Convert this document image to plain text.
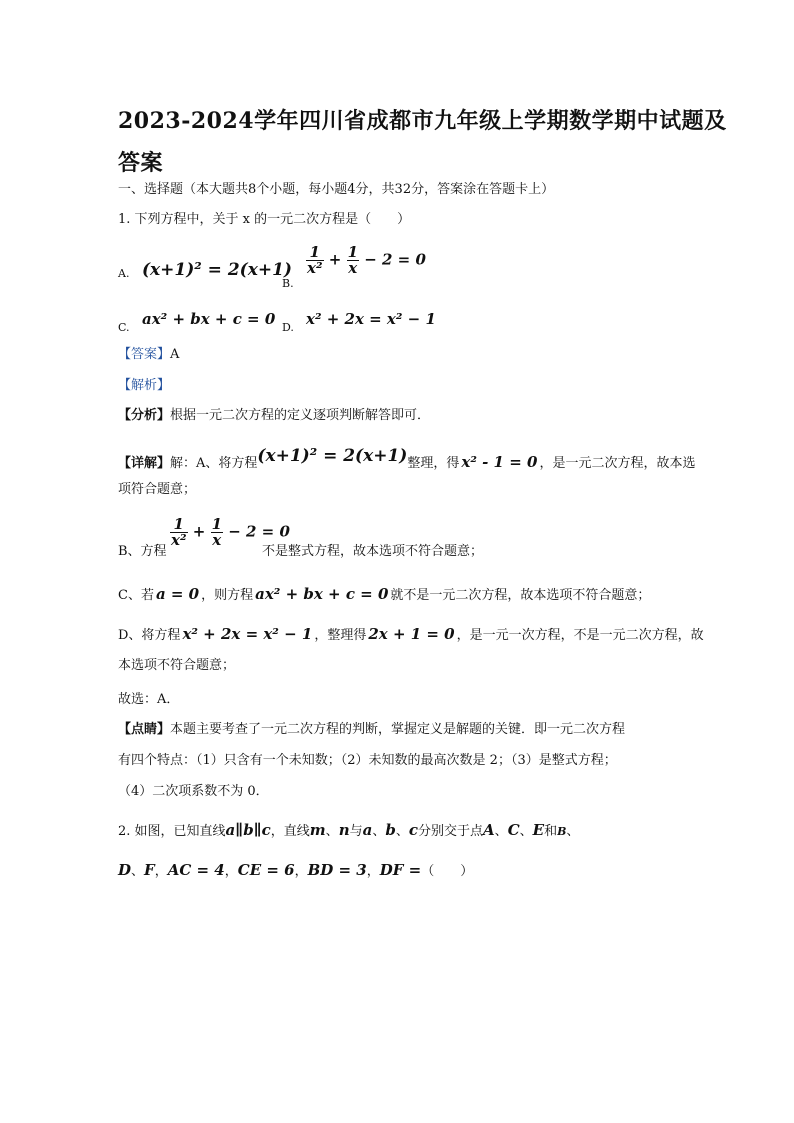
2023-2024学年四川省成都市九年级上学期数学期中试题及
答案
一、选择题（本大题共8个小题，每小题4分，共32分，答案涂在答题卡上）
1. 下列方程中，关于 x 的一元二次方程是（　　）
A. (x+1)² = 2(x+1)
B.
$\frac{1}{\text{x²}} + \frac{1}{x} - 2 = 0$
C. ax² + bx + c = 0 D. x² + 2x = x² − 1
【答案】A
【解析】
【分析】根据一元二次方程的定义逐项判断解答即可．
【详解】解：A、将方程(x+1)² = 2(x+1)整理，得 x² - 1 = 0 ，是一元二次方程，故本选
项符合题意；
B、方程
$\frac{1}{\text{x²}} + \frac{1}{x} - 2 = 0$
不是整式方程，故本选项不符合题意；
C、若 a = 0 ，则方程 ax² + bx + c = 0 就不是一元二次方程，故本选项不符合题意；
D、将方程 x² + 2x = x² − 1 ，整理得 2x + 1 = 0 ，是一元一次方程，不是一元二次方程，故
本选项不符合题意；
故选：A．
【点睛】本题主要考查了一元二次方程的判断，掌握定义是解题的关键．即一元二次方程
有四个特点：（1）只含有一个未知数；（2）未知数的最高次数是 2；（3）是整式方程；
（4）二次项系数不为 0．
2. 如图，已知直线a∥b∥c，直线m、n与a、b、c分别交于点A、C、E和B、
D、F，AC = 4，CE = 6，BD = 3，DF =（　　）
